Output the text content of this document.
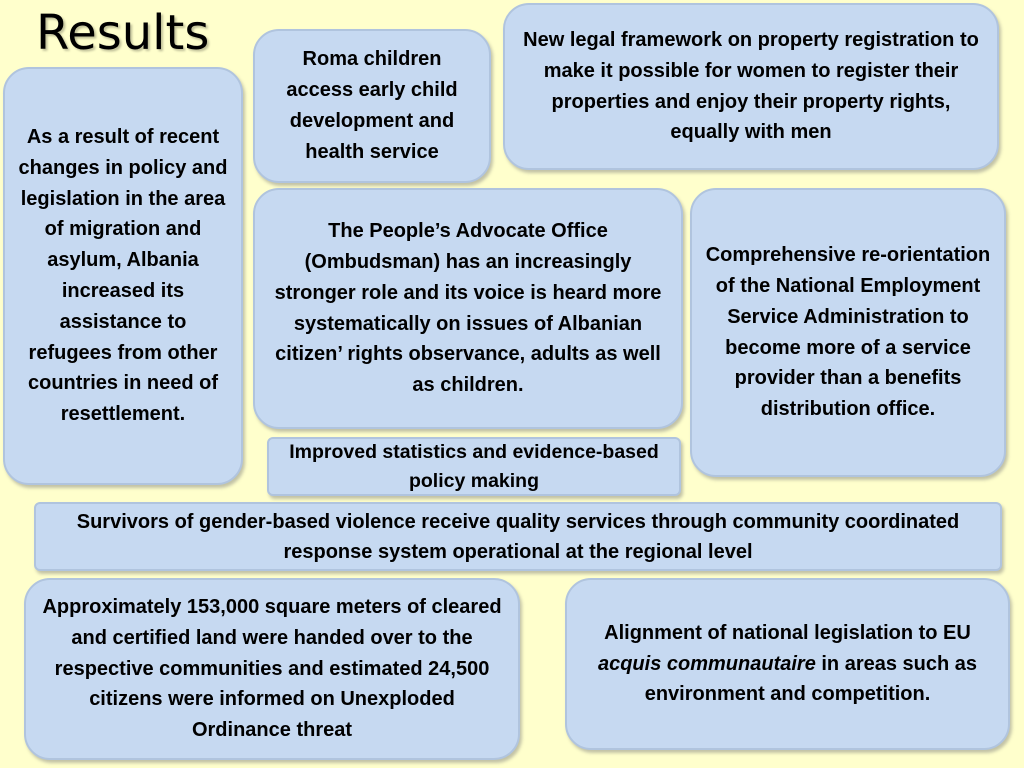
Results
As a result of recent changes in policy and legislation in the area of migration and asylum, Albania increased its assistance to refugees from other countries in need of resettlement.
Roma children access early child development and health service
New legal framework on property registration to make it possible for women to register their properties and enjoy their property rights, equally with men
The People’s Advocate Office (Ombudsman) has an increasingly stronger role and its voice is heard more systematically on issues of Albanian citizen’ rights observance, adults as well as children.
Comprehensive re-orientation of the National Employment Service Administration to become more of a service provider than a benefits distribution office.
Improved statistics and evidence-based policy making
Survivors of gender-based violence receive quality services through community coordinated response system operational at the regional level
Approximately 153,000 square meters of cleared and certified land were handed over to the respective communities and estimated 24,500 citizens were informed on Unexploded Ordinance threat
Alignment of national legislation to EU acquis communautaire in areas such as environment and competition.
